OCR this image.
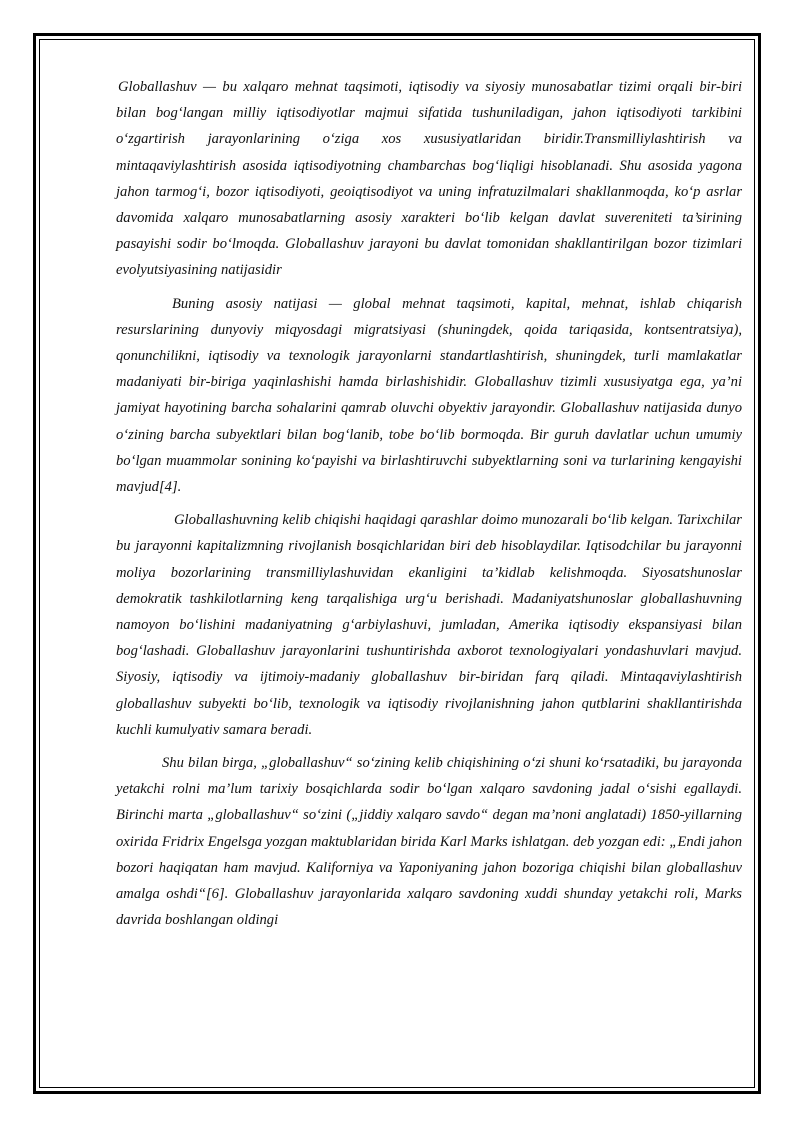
Globallashuv — bu xalqaro mehnat taqsimoti, iqtisodiy va siyosiy munosabatlar tizimi orqali bir-biri bilan bog‘langan milliy iqtisodiyotlar majmui sifatida tushuniladigan, jahon iqtisodiyoti tarkibini o‘zgartirish jarayonlarining o‘ziga xos xususiyatlaridan biridir.Transmilliylashtirish va mintaqaviylashtirish asosida iqtisodiyotning chambarchas bog‘liqligi hisoblanadi. Shu asosida yagona jahon tarmog‘i, bozor iqtisodiyoti, geoiqtisodiyot va uning infratuzilmalari shakllanmoqda, ko‘p asrlar davomida xalqaro munosabatlarning asosiy xarakteri bo‘lib kelgan davlat suvereniteti ta’sirining pasayishi sodir bo‘lmoqda. Globallashuv jarayoni bu davlat tomonidan shakllantirilgan bozor tizimlari evolyutsiyasining natijasidir

Buning asosiy natijasi — global mehnat taqsimoti, kapital, mehnat, ishlab chiqarish resurslarining dunyoviy miqyosdagi migratsiyasi (shuningdek, qoida tariqasida, kontsentratsiya), qonunchilikni, iqtisodiy va texnologik jarayonlarni standartlashtirish, shuningdek, turli mamlakatlar madaniyati bir-biriga yaqinlashishi hamda birlashishidir. Globallashuv tizimli xususiyatga ega, ya’ni jamiyat hayotining barcha sohalarini qamrab oluvchi obyektiv jarayondir. Globallashuv natijasida dunyo o‘zining barcha subyektlari bilan bog‘lanib, tobe bo‘lib bormoqda. Bir guruh davlatlar uchun umumiy bo‘lgan muammolar sonining ko‘payishi va birlashtiruvchi subyektlarning soni va turlarining kengayishi mavjud[4].

Globallashuvning kelib chiqishi haqidagi qarashlar doimo munozarali bo‘lib kelgan. Tarixchilar bu jarayonni kapitalizmning rivojlanish bosqichlaridan biri deb hisoblaydilar. Iqtisodchilar bu jarayonni moliya bozorlarining transmilliylashuvidan ekanligini ta’kidlab kelishmoqda. Siyosatshunoslar demokratik tashkilotlarning keng tarqalishiga urg‘u berishadi. Madaniyatshunoslar globallashuvning namoyon bo‘lishini madaniyatning g‘arbiylashuvi, jumladan, Amerika iqtisodiy ekspansiyasi bilan bog‘lashadi. Globallashuv jarayonlarini tushuntirishda axborot texnologiyalari yondashuvlari mavjud. Siyosiy, iqtisodiy va ijtimoiy-madaniy globallashuv bir-biridan farq qiladi. Mintaqaviylashtirish globallashuv subyekti bo‘lib, texnologik va iqtisodiy rivojlanishning jahon qutblarini shakllantirishda kuchli kumulyativ samara beradi.

Shu bilan birga, „globallashuv“ so‘zining kelib chiqishining o‘zi shuni ko‘rsatadiki, bu jarayonda yetakchi rolni ma’lum tarixiy bosqichlarda sodir bo‘lgan xalqaro savdoning jadal o‘sishi egallaydi. Birinchi marta „globallashuv“ so‘zini („jiddiy xalqaro savdo“ degan ma’noni anglatadi) 1850-yillarning oxirida Fridrix Engelsga yozgan maktublaridan birida Karl Marks ishlatgan. deb yozgan edi: „Endi jahon bozori haqiqatan ham mavjud. Kaliforniya va Yaponiyaning jahon bozoriga chiqishi bilan globallashuv amalga oshdi“[6]. Globallashuv jarayonlarida xalqaro savdoning xuddi shunday yetakchi roli, Marks davrida boshlangan oldingi
